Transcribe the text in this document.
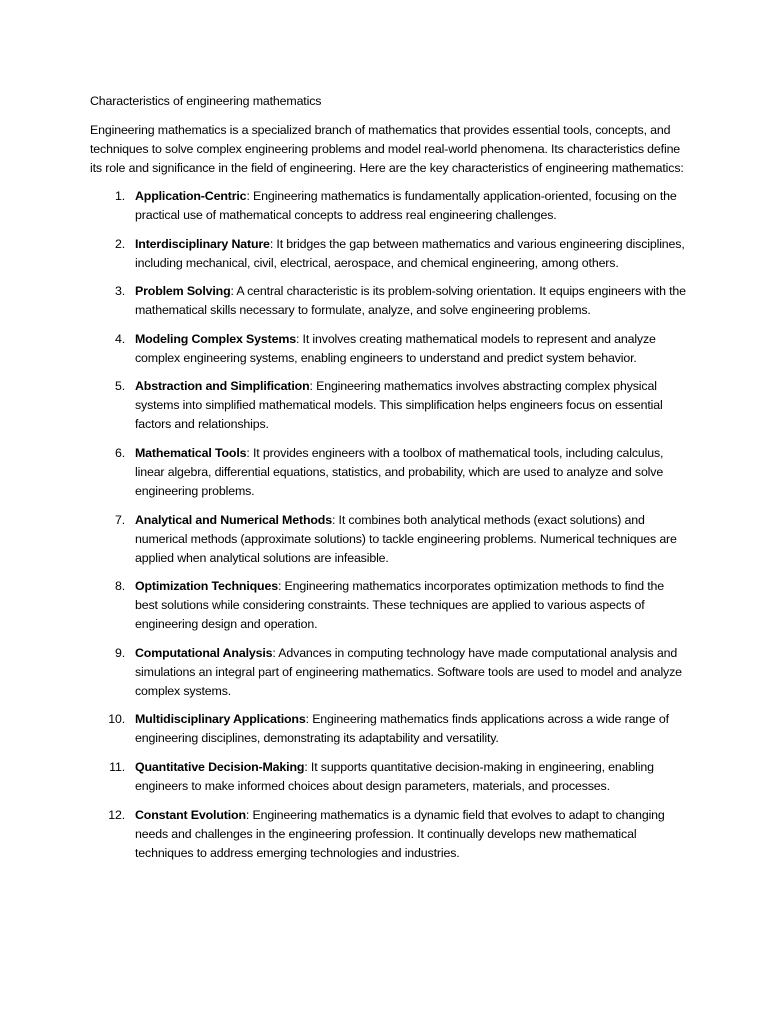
Characteristics of engineering mathematics

Engineering mathematics is a specialized branch of mathematics that provides essential tools, concepts, and techniques to solve complex engineering problems and model real-world phenomena. Its characteristics define its role and significance in the field of engineering. Here are the key characteristics of engineering mathematics:

1. Application-Centric: Engineering mathematics is fundamentally application-oriented, focusing on the practical use of mathematical concepts to address real engineering challenges.
2. Interdisciplinary Nature: It bridges the gap between mathematics and various engineering disciplines, including mechanical, civil, electrical, aerospace, and chemical engineering, among others.
3. Problem Solving: A central characteristic is its problem-solving orientation. It equips engineers with the mathematical skills necessary to formulate, analyze, and solve engineering problems.
4. Modeling Complex Systems: It involves creating mathematical models to represent and analyze complex engineering systems, enabling engineers to understand and predict system behavior.
5. Abstraction and Simplification: Engineering mathematics involves abstracting complex physical systems into simplified mathematical models. This simplification helps engineers focus on essential factors and relationships.
6. Mathematical Tools: It provides engineers with a toolbox of mathematical tools, including calculus, linear algebra, differential equations, statistics, and probability, which are used to analyze and solve engineering problems.
7. Analytical and Numerical Methods: It combines both analytical methods (exact solutions) and numerical methods (approximate solutions) to tackle engineering problems. Numerical techniques are applied when analytical solutions are infeasible.
8. Optimization Techniques: Engineering mathematics incorporates optimization methods to find the best solutions while considering constraints. These techniques are applied to various aspects of engineering design and operation.
9. Computational Analysis: Advances in computing technology have made computational analysis and simulations an integral part of engineering mathematics. Software tools are used to model and analyze complex systems.
10. Multidisciplinary Applications: Engineering mathematics finds applications across a wide range of engineering disciplines, demonstrating its adaptability and versatility.
11. Quantitative Decision-Making: It supports quantitative decision-making in engineering, enabling engineers to make informed choices about design parameters, materials, and processes.
12. Constant Evolution: Engineering mathematics is a dynamic field that evolves to adapt to changing needs and challenges in the engineering profession. It continually develops new mathematical techniques to address emerging technologies and industries.
